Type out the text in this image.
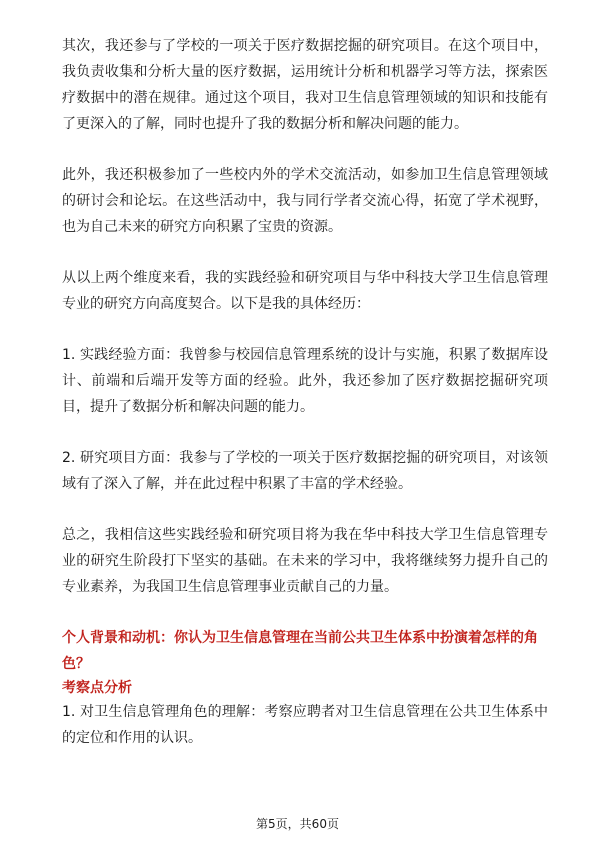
其次，我还参与了学校的一项关于医疗数据挖掘的研究项目。在这个项目中，我负责收集和分析大量的医疗数据，运用统计分析和机器学习等方法，探索医疗数据中的潜在规律。通过这个项目，我对卫生信息管理领域的知识和技能有了更深入的了解，同时也提升了我的数据分析和解决问题的能力。

此外，我还积极参加了一些校内外的学术交流活动，如参加卫生信息管理领域的研讨会和论坛。在这些活动中，我与同行学者交流心得，拓宽了学术视野，也为自己未来的研究方向积累了宝贵的资源。

从以上两个维度来看，我的实践经验和研究项目与华中科技大学卫生信息管理专业的研究方向高度契合。以下是我的具体经历：

1. 实践经验方面：我曾参与校园信息管理系统的设计与实施，积累了数据库设计、前端和后端开发等方面的经验。此外，我还参加了医疗数据挖掘研究项目，提升了数据分析和解决问题的能力。

2. 研究项目方面：我参与了学校的一项关于医疗数据挖掘的研究项目，对该领域有了深入了解，并在此过程中积累了丰富的学术经验。

总之，我相信这些实践经验和研究项目将为我在华中科技大学卫生信息管理专业的研究生阶段打下坚实的基础。在未来的学习中，我将继续努力提升自己的专业素养，为我国卫生信息管理事业贡献自己的力量。

个人背景和动机：你认为卫生信息管理在当前公共卫生体系中扮演着怎样的角色？

考察点分析

1. 对卫生信息管理角色的理解：考察应聘者对卫生信息管理在公共卫生体系中的定位和作用的认识。

第5页，共60页
